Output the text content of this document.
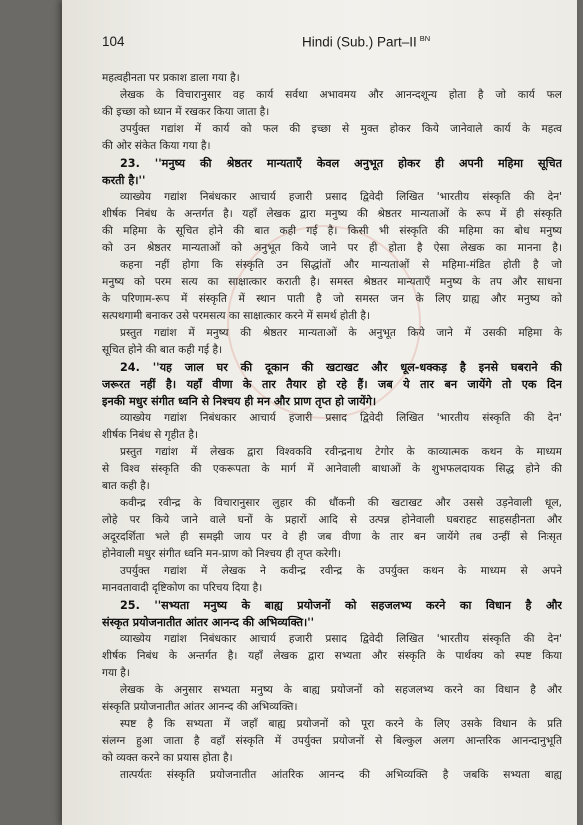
104	Hindi (Sub.) Part–II $^{BN}$
महत्वहीनता पर प्रकाश डाला गया है।
लेखक के विचारानुसार वह कार्य सर्वथा अभावमय और आनन्दशून्य होता है जो कार्य फल
की इच्छा को ध्यान में रखकर किया जाता है।
उपर्युक्त गद्यांश में कार्य को फल की इच्छा से मुक्त होकर किये जानेवाले कार्य के महत्व
की ओर संकेत किया गया है।
23. ''मनुष्य की श्रेष्ठतर मान्यताएँ केवल अनुभूत होकर ही अपनी महिमा सूचित
करती है।''
व्याख्येय गद्यांश निबंधकार आचार्य हजारी प्रसाद द्विवेदी लिखित 'भारतीय संस्कृति की देन'
शीर्षक निबंध के अन्तर्गत है। यहाँ लेखक द्वारा मनुष्य की श्रेष्ठतर मान्यताओं के रूप में ही संस्कृति
की महिमा के सूचित होने की बात कही गई है। किसी भी संस्कृति की महिमा का बोध मनुष्य
को उन श्रेष्ठतर मान्यताओं को अनुभूत किये जाने पर ही होता है ऐसा लेखक का मानना है।
कहना नहीं होगा कि संस्कृति उन सिद्धांतों और मान्यताओं से महिमा-मंडित होती है जो
मनुष्य को परम सत्य का साक्षात्कार कराती है। समस्त श्रेष्ठतर मान्यताएँ मनुष्य के तप और साधना
के परिणाम-रूप में संस्कृति में स्थान पाती है जो समस्त जन के लिए ग्राह्य और मनुष्य को
सत्पथगामी बनाकर उसे परमसत्य का साक्षात्कार करने में समर्थ होती है।
प्रस्तुत गद्यांश में मनुष्य की श्रेष्ठतर मान्यताओं के अनुभूत किये जाने में उसकी महिमा के
सूचित होने की बात कही गई है।
24. ''यह जाल घर की दूकान की खटाखट और धूल-धक्कड़ है इनसे घबराने की
जरूरत नहीं है। यहाँ वीणा के तार तैयार हो रहे हैं। जब ये तार बन जायेंगे तो एक दिन
इनकी मधुर संगीत ध्वनि से निश्चय ही मन और प्राण तृप्त हो जायेंगे।
व्याख्येय गद्यांश निबंधकार आचार्य हजारी प्रसाद द्विवेदी लिखित 'भारतीय संस्कृति की देन'
शीर्षक निबंध से गृहीत है।
प्रस्तुत गद्यांश में लेखक द्वारा विश्वकवि रवीन्द्रनाथ टेगोर के काव्यात्मक कथन के माध्यम
से विश्व संस्कृति की एकरूपता के मार्ग में आनेवाली बाधाओं के शुभफलदायक सिद्ध होने की
बात कही है।
कवीन्द्र रवीन्द्र के विचारानुसार लुहार की धौंकनी की खटाखट और उससे उड़नेवाली धूल,
लोहे पर किये जाने वाले घनों के प्रहारों आदि से उत्पन्न होनेवाली घबराहट साहसहीनता और
अदूरदर्शिता भले ही समझी जाय पर वे ही जब वीणा के तार बन जायेंगे तब उन्हीं से निःसृत
होनेवाली मधुर संगीत ध्वनि मन-प्राण को निश्चय ही तृप्त करेगी।
उपर्युक्त गद्यांश में लेखक ने कवीन्द्र रवीन्द्र के उपर्युक्त कथन के माध्यम से अपने
मानवतावादी दृष्टिकोण का परिचय दिया है।
25. ''सभ्यता मनुष्य के बाह्य प्रयोजनों को सहजलभ्य करने का विधान है और
संस्कृत प्रयोजनातीत आंतर आनन्द की अभिव्यक्ति।''
व्याख्येय गद्यांश निबंधकार आचार्य हजारी प्रसाद द्विवेदी लिखित 'भारतीय संस्कृति की देन'
शीर्षक निबंध के अन्तर्गत है। यहाँ लेखक द्वारा सभ्यता और संस्कृति के पार्थक्य को स्पष्ट किया
गया है।
लेखक के अनुसार सभ्यता मनुष्य के बाह्य प्रयोजनों को सहजलभ्य करने का विधान है और
संस्कृति प्रयोजनातीत आंतर आनन्द की अभिव्यक्ति।
स्पष्ट है कि सभ्यता में जहाँ बाह्य प्रयोजनों को पूरा करने के लिए उसके विधान के प्रति
संलग्न हुआ जाता है वहाँ संस्कृति में उपर्युक्त प्रयोजनों से बिल्कुल अलग आन्तरिक आनन्दानुभूति
को व्यक्त करने का प्रयास होता है।
तात्पर्यतः संस्कृति प्रयोजनातीत आंतरिक आनन्द की अभिव्यक्ति है जबकि सभ्यता बाह्य
